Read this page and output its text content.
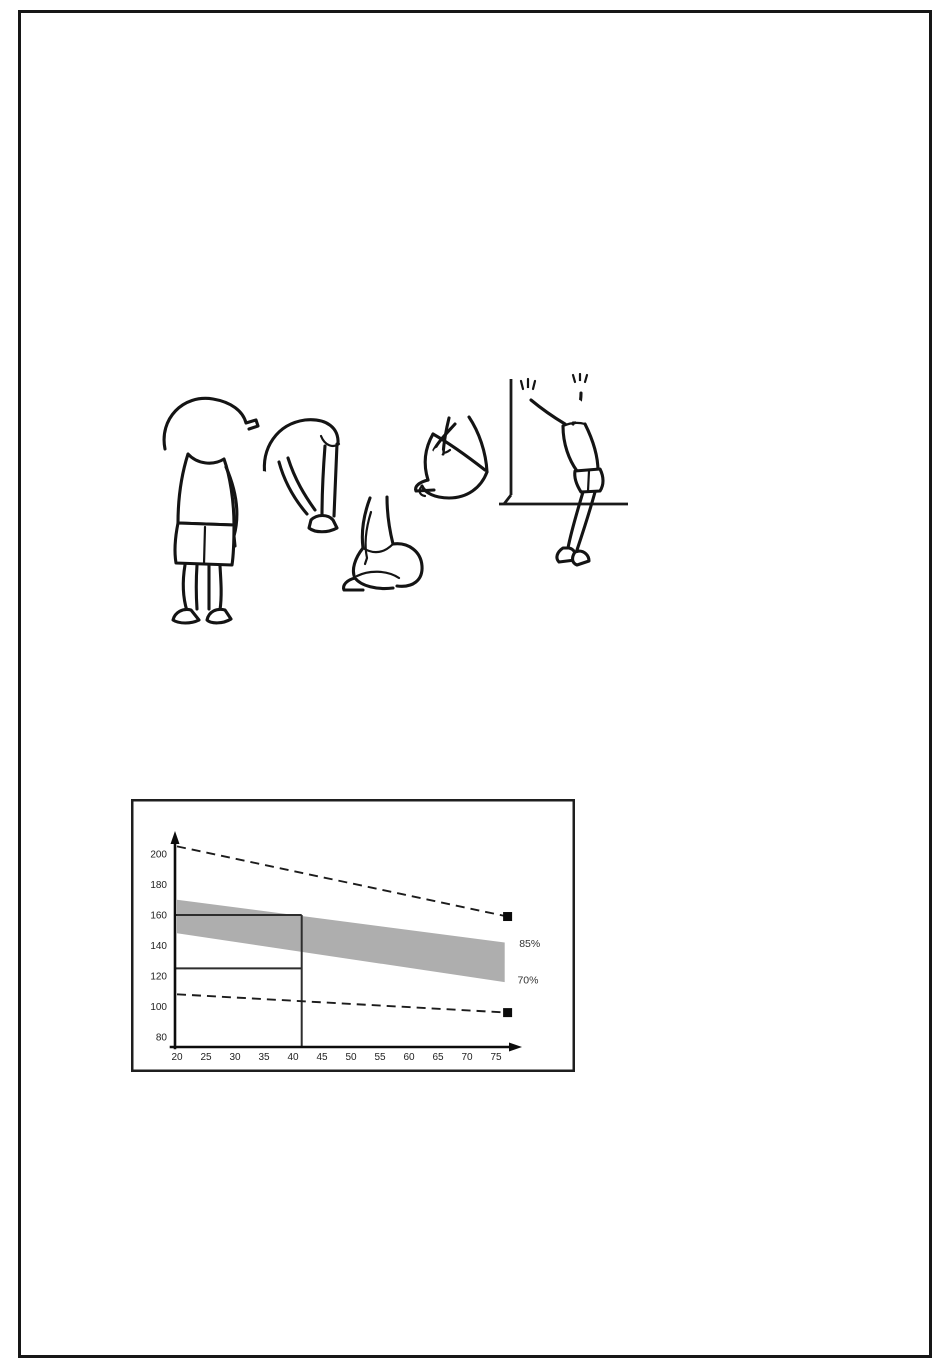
200
180
160
140
120
100
80
20 25 30 35 40 45 50 55 60 65 70 75
85%
70%
